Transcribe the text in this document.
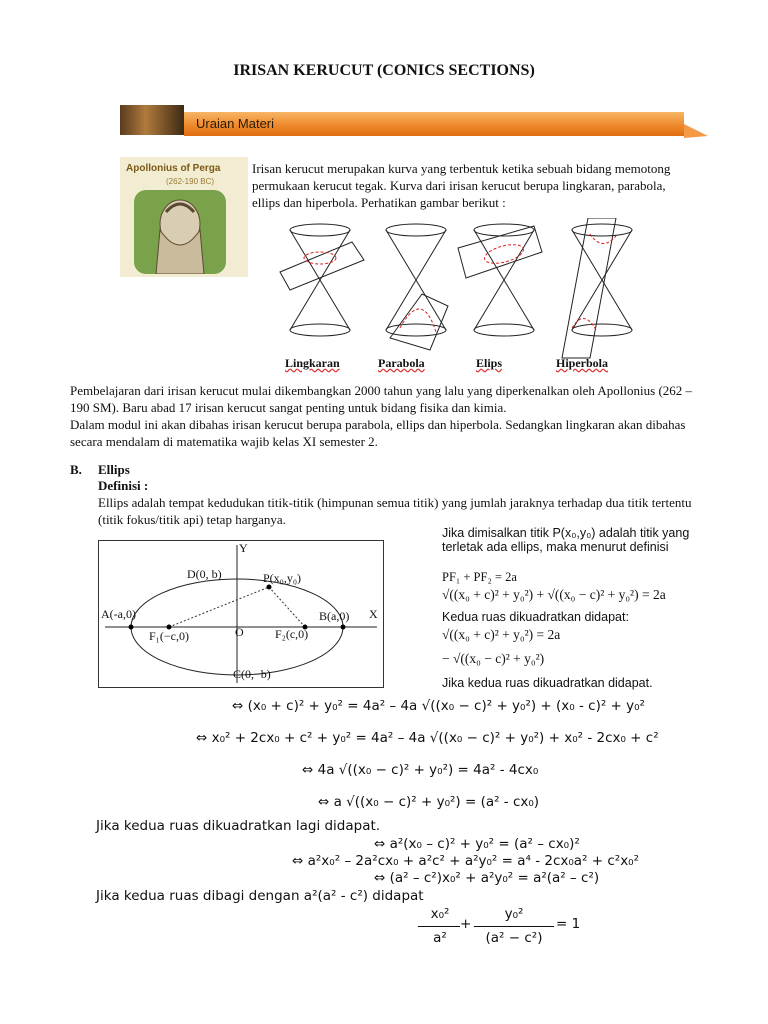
IRISAN KERUCUT (CONICS SECTIONS)
Uraian Materi
Apollonius of Perga
(262-190 BC)
Irisan kerucut merupakan kurva yang terbentuk ketika sebuah bidang memotong permukaan kerucut tegak. Kurva dari irisan kerucut berupa lingkaran, parabola, ellips dan hiperbola. Perhatikan gambar berikut :
Lingkaran	Parabola	Elips	Hiperbola
Pembelajaran dari irisan kerucut mulai dikembangkan 2000 tahun yang lalu yang diperkenalkan oleh Apollonius (262 – 190 SM). Baru abad 17 irisan kerucut sangat penting untuk bidang fisika dan kimia.
Dalam modul ini akan dibahas irisan kerucut berupa parabola, ellips dan hiperbola. Sedangkan lingkaran akan dibahas secara mendalam di matematika wajib kelas XI semester 2.
B. Ellips
Definisi :
Ellips adalah tempat kedudukan titik-titik (himpunan semua titik) yang jumlah jaraknya terhadap dua titik tertentu (titik fokus/titik api) tetap harganya.
Y
X
O
D(0, b)	P(x₀,y₀)
A(-a,0)	B(a,0)
F₁(−c,0)	F₂(c,0)
C(0,−b)
Jika dimisalkan titik P(x₀,y₀) adalah titik yang terletak ada ellips, maka menurut definisi
PF₁ + PF₂ = 2a
√((x₀ + c)² + y₀²) + √((x₀ − c)² + y₀²) = 2a
Kedua ruas dikuadratkan didapat:
√((x₀ + c)² + y₀²) = 2a
− √((x₀ − c)² + y₀²)
Jika kedua ruas dikuadratkan didapat.
⇔ (x₀ + c)² + y₀² = 4a² – 4a √((x₀ − c)² + y₀²) + (x₀ - c)² + y₀²
⇔ x₀² + 2cx₀ + c² + y₀² = 4a² – 4a √((x₀ − c)² + y₀²) + x₀² - 2cx₀ + c²
⇔ 4a √((x₀ − c)² + y₀²) = 4a² - 4cx₀
⇔ a √((x₀ − c)² + y₀²) = (a² - cx₀)
Jika kedua ruas dikuadratkan lagi didapat.
⇔ a²(x₀ – c)² + y₀² = (a² – cx₀)²
⇔ a²x₀² – 2a²cx₀ + a²c² + a²y₀² = a⁴ - 2cx₀a² + c²x₀²
⇔ (a² – c²)x₀² + a²y₀² = a²(a² – c²)
Jika kedua ruas dibagi dengan a²(a² - c²) didapat
x₀²
a²
+
y₀²
(a² − c²)
= 1
